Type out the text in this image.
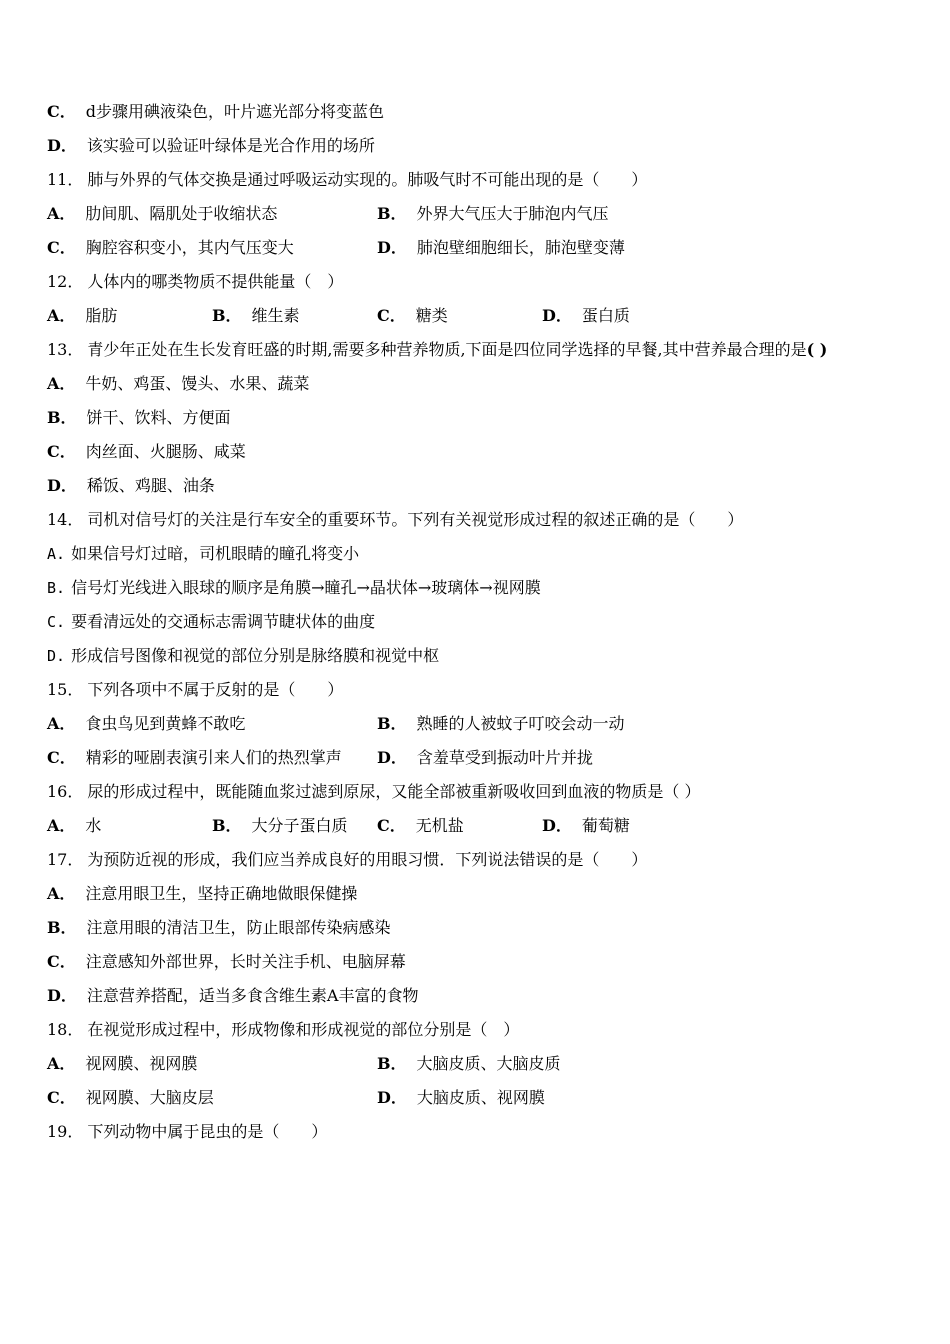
C． d步骤用碘液染色，叶片遮光部分将变蓝色
D． 该实验可以验证叶绿体是光合作用的场所
11． 肺与外界的气体交换是通过呼吸运动实现的。肺吸气时不可能出现的是（　　）
A． 肋间肌、隔肌处于收缩状态	B． 外界大气压大于肺泡内气压
C． 胸腔容积变小，其内气压变大	D． 肺泡壁细胞细长，肺泡壁变薄
12． 人体内的哪类物质不提供能量（　）
A． 脂肪	B． 维生素	C． 糖类	D． 蛋白质
13． 青少年正处在生长发育旺盛的时期,需要多种营养物质,下面是四位同学选择的早餐,其中营养最合理的是( )
A． 牛奶、鸡蛋、馒头、水果、蔬菜
B． 饼干、饮料、方便面
C． 肉丝面、火腿肠、咸菜
D． 稀饭、鸡腿、油条
14． 司机对信号灯的关注是行车安全的重要环节。下列有关视觉形成过程的叙述正确的是（　　）
A. 如果信号灯过暗，司机眼睛的瞳孔将变小
B. 信号灯光线进入眼球的顺序是角膜→瞳孔→晶状体→玻璃体→视网膜
C. 要看清远处的交通标志需调节睫状体的曲度
D. 形成信号图像和视觉的部位分别是脉络膜和视觉中枢
15． 下列各项中不属于反射的是（　　）
A． 食虫鸟见到黄蜂不敢吃	B． 熟睡的人被蚊子叮咬会动一动
C． 精彩的哑剧表演引来人们的热烈掌声 D． 含羞草受到振动叶片并拢
16． 尿的形成过程中，既能随血浆过滤到原尿，又能全部被重新吸收回到血液的物质是（ ）
A． 水	B． 大分子蛋白质 C． 无机盐	D． 葡萄糖
17． 为预防近视的形成，我们应当养成良好的用眼习惯．下列说法错误的是（　　）
A． 注意用眼卫生，坚持正确地做眼保健操
B． 注意用眼的清洁卫生，防止眼部传染病感染
C． 注意感知外部世界，长时关注手机、电脑屏幕
D． 注意营养搭配，适当多食含维生素A丰富的食物
18． 在视觉形成过程中，形成物像和形成视觉的部位分别是（　）
A． 视网膜、视网膜	B． 大脑皮质、大脑皮质
C． 视网膜、大脑皮层	D． 大脑皮质、视网膜
19． 下列动物中属于昆虫的是（　　）
